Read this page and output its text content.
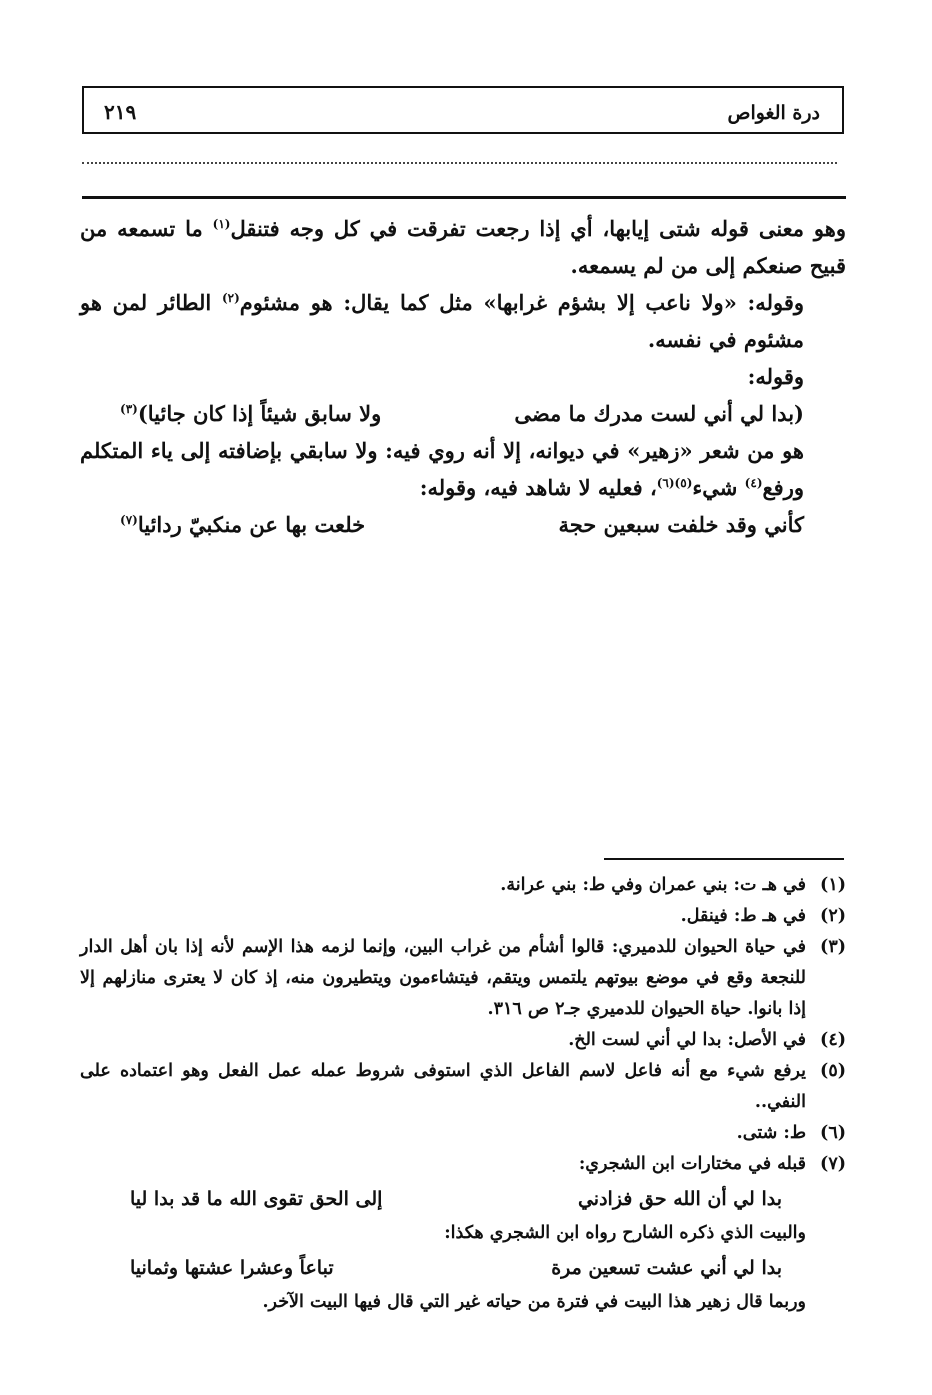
درة الغواص
٢١٩

وهو معنى قوله شتى إيابها، أي إذا رجعت تفرقت في كل وجه فتنقل$^{(١)}$ ما تسمعه من قبيح صنعكم إلى من لم يسمعه.

وقوله: «ولا ناعب إلا بشؤم غرابها» مثل كما يقال: هو مشئوم$^{(٢)}$ الطائر لمن هو مشئوم في نفسه.

وقوله:

(بدا لي أني لست مدرك ما مضى
ولا سابق شيئاً إذا كان جائيا)$^{(٣)}$

هو من شعر «زهير» في ديوانه، إلا أنه روي فيه: ولا سابقي بإضافته إلى ياء المتكلم ورفع$^{(٤)}$ شيء$^{(٥)(٦)}$، فعليه لا شاهد فيه، وقوله:

كأني وقد خلفت سبعين حجة
خلعت بها عن منكبيّ ردائيا$^{(٧)}$
(١)
في هـ ت: بني عمران وفي ط: بني عرانة.
(٢)
في هـ ط: فينقل.
(٣)
في حياة الحيوان للدميري: قالوا أشأم من غراب البين، وإنما لزمه هذا الإسم لأنه إذا بان أهل الدار للنجعة وقع في موضع بيوتهم يلتمس ويتقم، فيتشاءمون ويتطيرون منه، إذ كان لا يعترى منازلهم إلا إذا بانوا. حياة الحيوان للدميري جـ٢ ص ٣١٦.
(٤)
في الأصل: بدا لي أني لست الخ.
(٥)
يرفع شيء مع أنه فاعل لاسم الفاعل الذي استوفى شروط عمله عمل الفعل وهو اعتماده على النفي..
(٦)
ط: شتى.
(٧)
قبله في مختارات ابن الشجري:
بدا لي أن الله حق فزادني
إلى الحق تقوى الله ما قد بدا ليا
والبيت الذي ذكره الشارح رواه ابن الشجري هكذا:
بدا لي أني عشت تسعين مرة
تباعاً وعشرا عشتها وثمانيا
وربما قال زهير هذا البيت في فترة من حياته غير التي قال فيها البيت الآخر.
